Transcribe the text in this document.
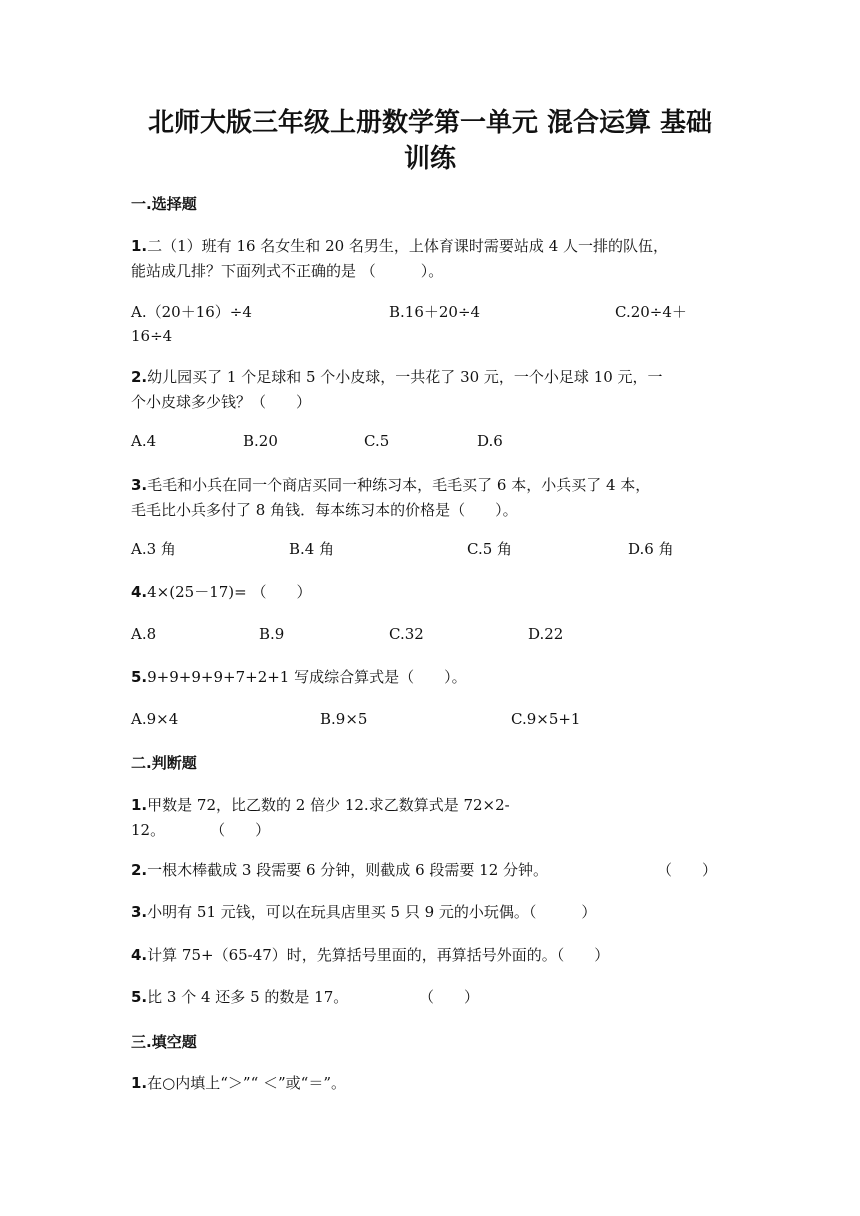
北师大版三年级上册数学第一单元 混合运算 基础
训练
一.选择题
1.二（1）班有 16 名女生和 20 名男生，上体育课时需要站成 4 人一排的队伍，
能站成几排？下面列式不正确的是 （　　　）。
A.（20＋16）÷4	B.16＋20÷4	C.20÷4＋
16÷4
2.幼儿园买了 1 个足球和 5 个小皮球，一共花了 30 元，一个小足球 10 元，一
个小皮球多少钱？（　　）
A.4	B.20	C.5	D.6
3.毛毛和小兵在同一个商店买同一种练习本，毛毛买了 6 本，小兵买了 4 本，
毛毛比小兵多付了 8 角钱．每本练习本的价格是（　　）。
A.3 角	B.4 角	C.5 角	D.6 角
4.4×(25－17)= （　　）
A.8	B.9	C.32	D.22
5.9+9+9+9+7+2+1 写成综合算式是（　　）。
A.9×4	B.9×5	C.9×5+1
二.判断题
1.甲数是 72，比乙数的 2 倍少 12.求乙数算式是 72×2-
12。　　　　（　　）
2.一根木棒截成 3 段需要 6 分钟，则截成 6 段需要 12 分钟。	（　　）
3.小明有 51 元钱，可以在玩具店里买 5 只 9 元的小玩偶。（　　　）
4.计算 75+（65-47）时，先算括号里面的，再算括号外面的。（　　）
5.比 3 个 4 还多 5 的数是 17。	（　　）
三.填空题
1.在○内填上“＞”“ ＜”或“＝”。
